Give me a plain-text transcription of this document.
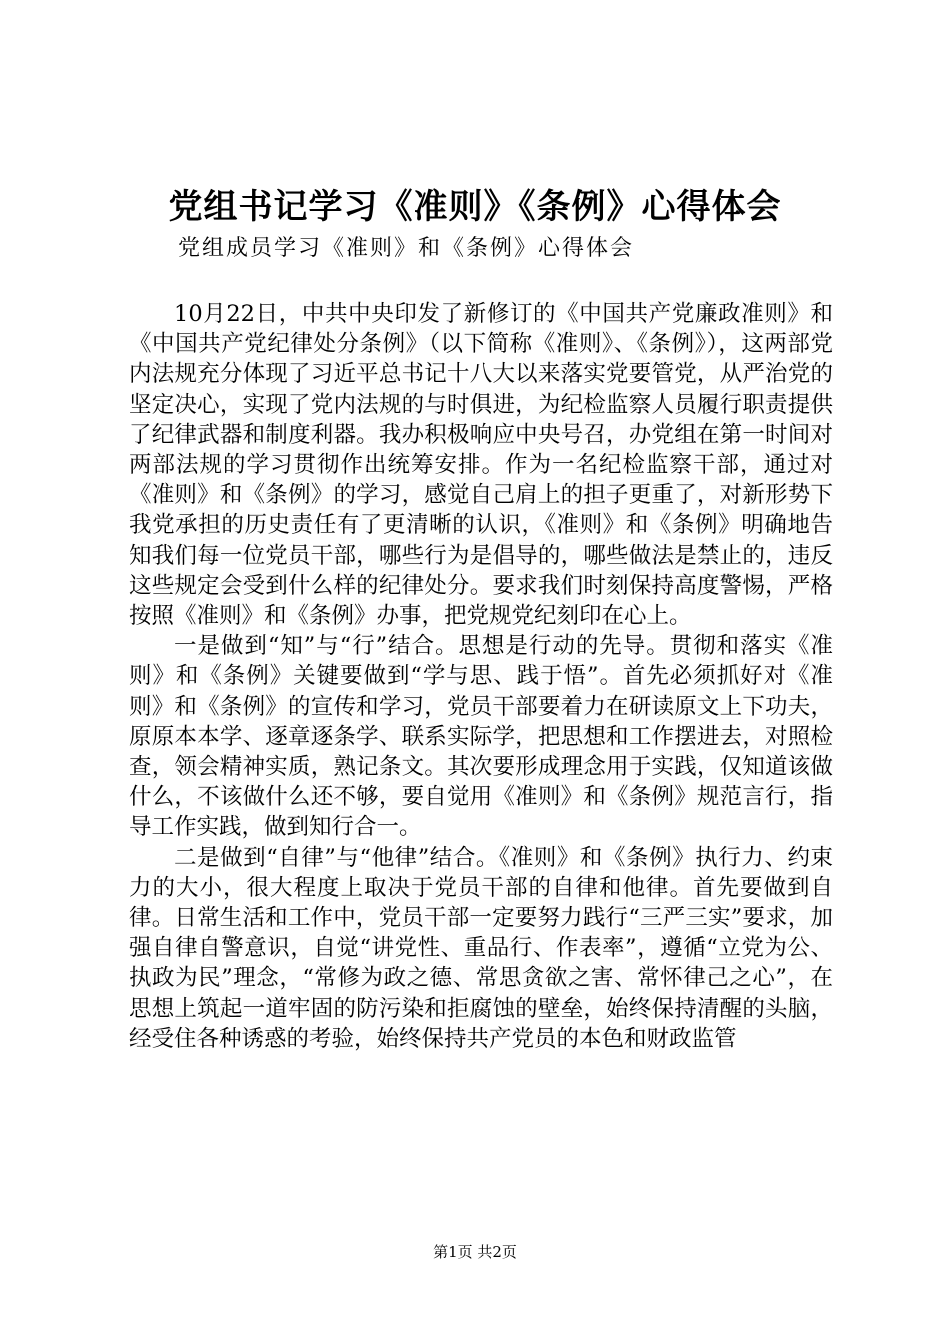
党组书记学习《准则》《条例》心得体会

党组成员学习《准则》和《条例》心得体会

10月22日，中共中央印发了新修订的《中国共产党廉政准则》和《中国共产党纪律处分条例》（以下简称《准则》、《条例》），这两部党内法规充分体现了习近平总书记十八大以来落实党要管党，从严治党的坚定决心，实现了党内法规的与时俱进，为纪检监察人员履行职责提供了纪律武器和制度利器。我办积极响应中央号召，办党组在第一时间对两部法规的学习贯彻作出统筹安排。作为一名纪检监察干部，通过对《准则》和《条例》的学习，感觉自己肩上的担子更重了，对新形势下我党承担的历史责任有了更清晰的认识，《准则》和《条例》明确地告知我们每一位党员干部，哪些行为是倡导的，哪些做法是禁止的，违反这些规定会受到什么样的纪律处分。要求我们时刻保持高度警惕，严格按照《准则》和《条例》办事，把党规党纪刻印在心上。

一是做到“知”与“行”结合。思想是行动的先导。贯彻和落实《准则》和《条例》关键要做到“学与思、践于悟”。首先必须抓好对《准则》和《条例》的宣传和学习，党员干部要着力在研读原文上下功夫，原原本本学、逐章逐条学、联系实际学，把思想和工作摆进去，对照检查，领会精神实质，熟记条文。其次要形成理念用于实践，仅知道该做什么，不该做什么还不够，要自觉用《准则》和《条例》规范言行，指导工作实践，做到知行合一。

二是做到“自律”与“他律”结合。《准则》和《条例》执行力、约束力的大小，很大程度上取决于党员干部的自律和他律。首先要做到自律。日常生活和工作中，党员干部一定要努力践行“三严三实”要求，加强自律自警意识，自觉“讲党性、重品行、作表率”，遵循“立党为公、执政为民”理念，“常修为政之德、常思贪欲之害、常怀律己之心”，在思想上筑起一道牢固的防污染和拒腐蚀的壁垒，始终保持清醒的头脑，经受住各种诱惑的考验，始终保持共产党员的本色和财政监管

第1页 共2页
